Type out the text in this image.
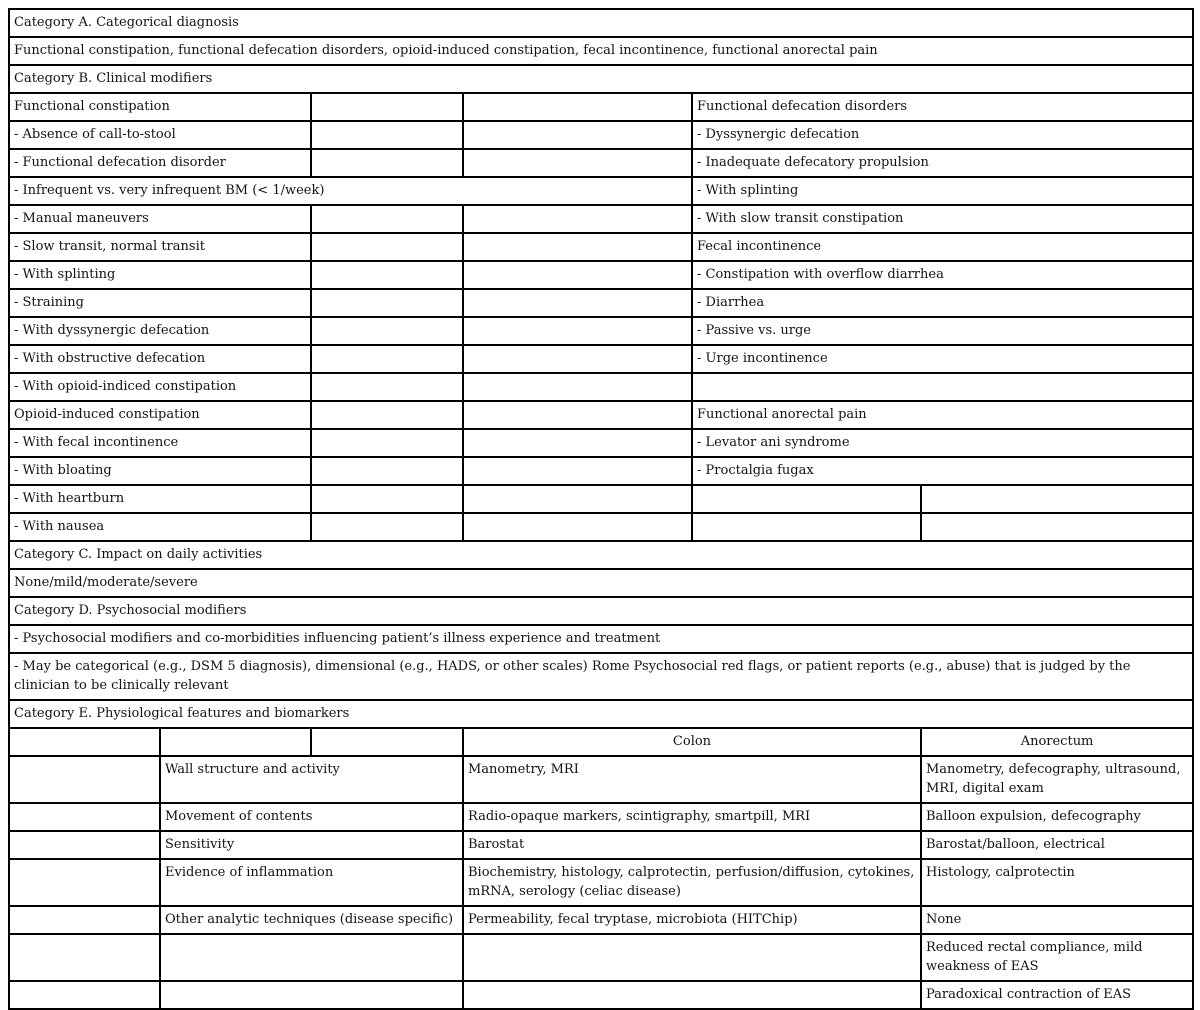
Category A. Categorical diagnosis					
Functional constipation, functional defecation disorders, opioid-induced constipation, fecal incontinence, functional anorectal pain					
Category B. Clinical modifiers					
Functional constipation				Functional defecation disorders	
- Absence of call-to-stool				- Dyssynergic defecation	
- Functional defecation disorder				- Inadequate defecatory propulsion	
- Infrequent vs. very infrequent BM (< 1/week)				- With splinting	
- Manual maneuvers				- With slow transit constipation	
- Slow transit, normal transit				Fecal incontinence	
- With splinting				- Constipation with overflow diarrhea	
- Straining				- Diarrhea	
- With dyssynergic defecation				- Passive vs. urge	
- With obstructive defecation				- Urge incontinence	
- With opioid-indiced constipation					
Opioid-induced constipation				Functional anorectal pain	
- With fecal incontinence				- Levator ani syndrome	
- With bloating				- Proctalgia fugax	
- With heartburn					
- With nausea					
Category C. Impact on daily activities					
None/mild/moderate/severe					
Category D. Psychosocial modifiers					
- Psychosocial modifiers and co-morbidities influencing patient’s illness experience and treatment					
- May be categorical (e.g., DSM 5 diagnosis), dimensional (e.g., HADS, or other scales) Rome Psychosocial red flags, or patient reports (e.g., abuse) that is judged by the clinician to be clinically relevant					
Category E. Physiological features and biomarkers					
			Colon		Anorectum
	Wall structure and activity		Manometry, MRI		Manometry, defecography, ultrasound, MRI, digital exam
	Movement of contents		Radio-opaque markers, scintigraphy, smartpill, MRI		Balloon expulsion, defecography
	Sensitivity		Barostat		Barostat/balloon, electrical
	Evidence of inflammation		Biochemistry, histology, calprotectin, perfusion/diffusion, cytokines, mRNA, serology (celiac disease)		Histology, calprotectin
	Other analytic techniques (disease specific)		Permeability, fecal tryptase, microbiota (HITChip)		None
					Reduced rectal compliance, mild weakness of EAS
					Paradoxical contraction of EAS
